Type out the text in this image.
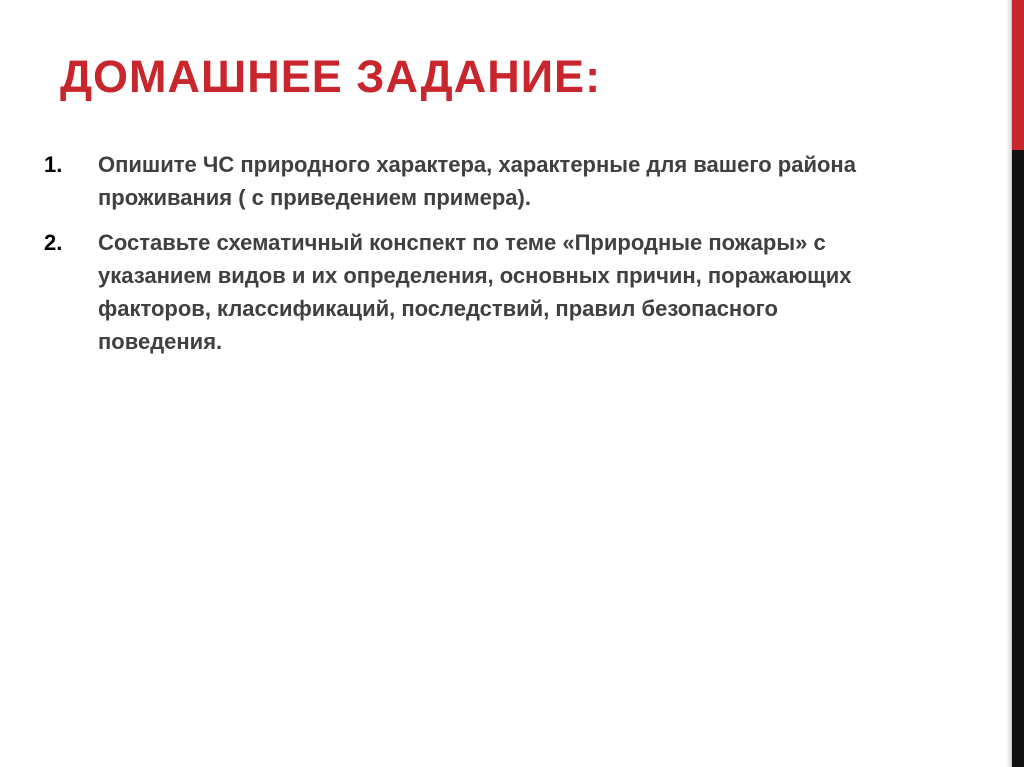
ДОМАШНЕЕ ЗАДАНИЕ:
1.	Опишите ЧС природного характера, характерные для вашего района проживания ( с приведением примера).
2.	Составьте схематичный конспект по теме «Природные пожары» с указанием видов и их определения, основных причин, поражающих факторов, классификаций, последствий, правил безопасного поведения.
